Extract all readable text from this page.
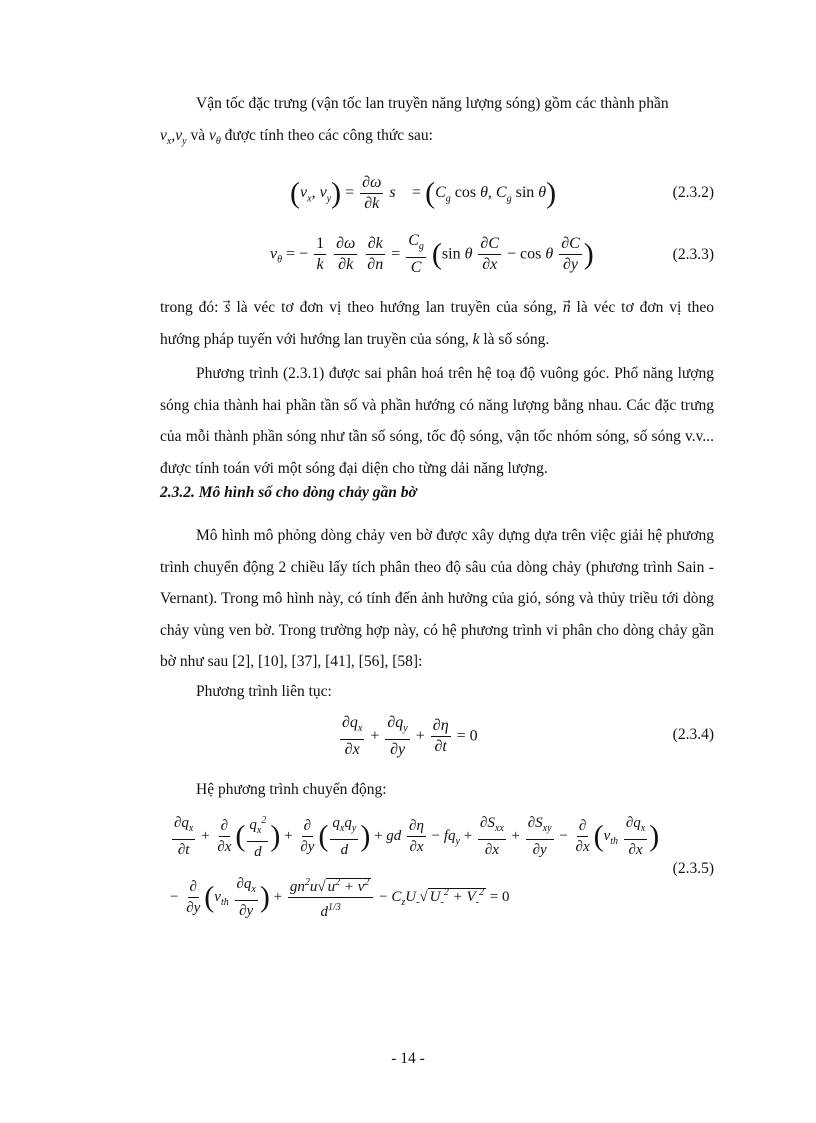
Vận tốc đặc trưng (vận tốc lan truyền năng lượng sóng) gồm các thành phần
$v_x,v_y$ và $v_\theta$ được tính theo các công thức sau:

($v_x$, $v_y) = \frac{\partial\omega}{\partial k}$ s⃗ = ($C_g$ cos θ, $C_g$ sin θ)	(2.3.2)
$v_\theta$ = − $\frac{1}{k}$
$\frac{\partial\omega}{\partial k}$
$\frac{\partial k}{\partial n} = \frac{C_g}{C} (\sin$ θ $\frac{\partial C}{\partial x} - \cos \theta \frac{\partial C}{\partial y}$ )	(2.3.3)

trong đó: s⃗ là véc tơ đơn vị theo hướng lan truyền của sóng, n⃗ là véc tơ đơn vị theo hướng pháp tuyến với hướng lan truyền của sóng, k là số sóng.

Phương trình (2.3.1) được sai phân hoá trên hệ toạ độ vuông góc. Phổ năng lượng sóng chia thành hai phần tần số và phần hướng có năng lượng bằng nhau. Các đặc trưng của mỗi thành phần sóng như tần số sóng, tốc độ sóng, vận tốc nhóm sóng, số sóng v.v... được tính toán với một sóng đại diện cho từng dải năng lượng.

2.3.2. Mô hình số cho dòng chảy gần bờ

Mô hình mô phỏng dòng chảy ven bờ được xây dựng dựa trên việc giải hệ phương trình chuyển động 2 chiều lấy tích phân theo độ sâu của dòng chảy (phương trình Sain - Vernant). Trong mô hình này, có tính đến ảnh hưởng của gió, sóng và thủy triều tới dòng chảy vùng ven bờ. Trong trường hợp này, có hệ phương trình vi phân cho dòng chảy gần bờ như sau [2], [10], [37], [41], [56], [58]:

Phương trình liên tục:

$\frac{\partial q_x}{\partial x} + \frac{\partial q_y}{\partial y} + \frac{\partial\eta}{\partial t} = 0$	(2.3.4)

Hệ phương trình chuyển động:

$\frac{\partial q_x}{\partial t} + \frac{\partial}{\partial x}$ ( $\frac{q_x^2}{d}$ ) + $\frac{\partial}{\partial y}$ ( $\frac{q_xq_y}{d}$ ) + gd $\frac{\partial\eta}{\partial x} - fq_y + \frac{\partial S_{xx}}{\partial x} + \frac{\partial S_{xy}}{\partial y} - \frac{\partial}{\partial x} (\nu_{th} \frac{\partial q_x}{\partial x}$ )
− $\frac{\partial}{\partial y} (\nu_{th} \frac{\partial q_x}{\partial y}$ ) + $\frac{gn^2u√ u^2 + v^2}{d^{1/3}} - C_zU_-√$ $U_-^2 + V_-^2 = 0$
(2.3.5)
- 14 -
